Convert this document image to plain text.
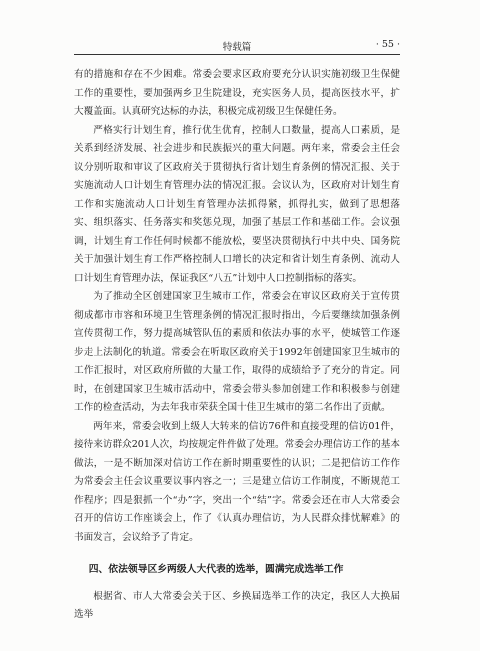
特载篇	· 55 ·

有的措施和存在不少困难。常委会要求区政府要充分认识实施初级卫生保健工作的重要性，要加强两乡卫生院建设，充实医务人员，提高医技水平，扩大覆盖面。认真研究达标的办法，积极完成初级卫生保健任务。

严格实行计划生育，推行优生优育，控制人口数量，提高人口素质，是关系到经济发展、社会进步和民族振兴的重大问题。两年来，常委会主任会议分别听取和审议了区政府关于贯彻执行省计划生育条例的情况汇报、关于实施流动人口计划生育管理办法的情况汇报。会议认为，区政府对计划生育工作和实施流动人口计划生育管理办法抓得紧，抓得扎实，做到了思想落实、组织落实、任务落实和奖惩兑现，加强了基层工作和基础工作。会议强调，计划生育工作任何时候都不能放松，要坚决贯彻执行中共中央、国务院关于加强计划生育工作严格控制人口增长的决定和省计划生育条例、流动人口计划生育管理办法，保证我区“八五”计划中人口控制指标的落实。

为了推动全区创建国家卫生城市工作，常委会在审议区政府关于宣传贯彻成都市市容和环境卫生管理条例的情况汇报时指出，今后要继续加强条例宣传贯彻工作，努力提高城管队伍的素质和依法办事的水平，使城管工作逐步走上法制化的轨道。常委会在听取区政府关于1992年创建国家卫生城市的工作汇报时，对区政府所做的大量工作，取得的成绩给予了充分的肯定。同时，在创建国家卫生城市活动中，常委会带头参加创建工作和积极参与创建工作的检查活动，为去年我市荣获全国十佳卫生城市的第二名作出了贡献。

两年来，常委会收到上级人大转来的信访76件和直接受理的信访01件，接待来访群众201人次，均按规定件件做了处理。常委会办理信访工作的基本做法，一是不断加深对信访工作在新时期重要性的认识；二是把信访工作作为常委会主任会议重要议事内容之一；三是建立信访工作制度，不断规范工作程序；四是狠抓一个“办”字，突出一个“结”字。常委会还在市人大常委会召开的信访工作座谈会上，作了《认真办理信访，为人民群众排忧解难》的书面发言，会议给予了肯定。

四、依法领导区乡两级人大代表的选举，圆满完成选举工作

根据省、市人大常委会关于区、乡换届选举工作的决定，我区人大换届选举
